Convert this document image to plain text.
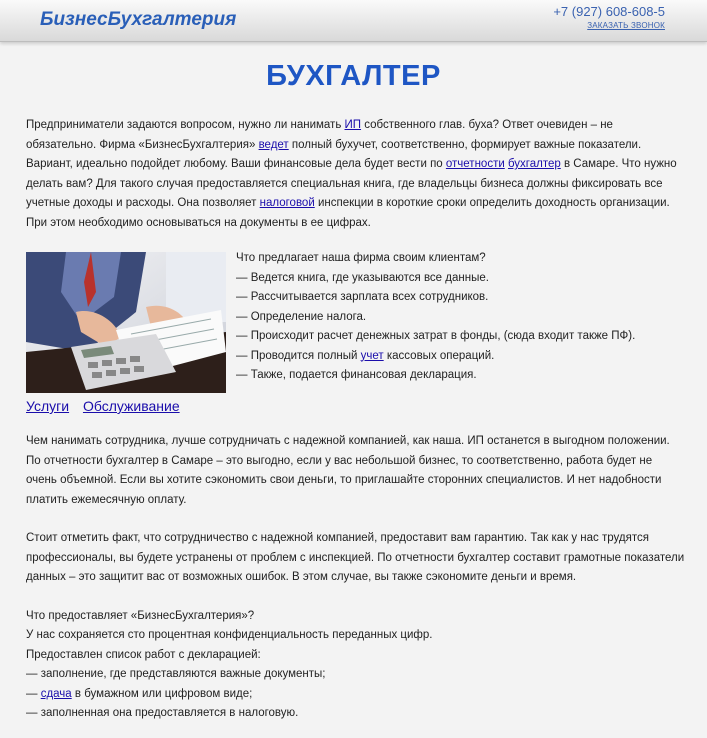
БизнесБухгалтерия	+7 (927) 608-608-5
ЗАКАЗАТЬ ЗВОНОК
БУХГАЛТЕР

Предприниматели задаются вопросом, нужно ли нанимать ИП собственного глав. буха? Ответ очевиден – не обязательно. Фирма «БизнесБухгалтерия» ведет полный бухучет, соответственно, формирует важные показатели. Вариант, идеально подойдет любому. Ваши финансовые дела будет вести по отчетности бухгалтер в Самаре. Что нужно делать вам? Для такого случая предоставляется специальная книга, где владельцы бизнеса должны фиксировать все учетные доходы и расходы. Она позволяет налоговой инспекции в короткие сроки определить доходность организации. При этом необходимо основываться на документы в ее цифрах.

Что предлагает наша фирма своим клиентам?
— Ведется книга, где указываются все данные.
— Рассчитывается зарплата всех сотрудников.
— Определение налога.
— Происходит расчет денежных затрат в фонды, (сюда входит также ПФ).
— Проводится полный учет кассовых операций.
— Также, подается финансовая декларация.
Услуги Обслуживание

Чем нанимать сотрудника, лучше сотрудничать с надежной компанией, как наша. ИП останется в выгодном положении. По отчетности бухгалтер в Самаре – это выгодно, если у вас небольшой бизнес, то соответственно, работа будет не очень объемной. Если вы хотите сэкономить свои деньги, то приглашайте сторонних специалистов. И нет надобности платить ежемесячную оплату.

Стоит отметить факт, что сотрудничество с надежной компанией, предоставит вам гарантию. Так как у нас трудятся профессионалы, вы будете устранены от проблем с инспекцией. По отчетности бухгалтер составит грамотные показатели данных – это защитит вас от возможных ошибок. В этом случае, вы также сэкономите деньги и время.

Что предоставляет «БизнесБухгалтерия»?
У нас сохраняется сто процентная конфиденциальность переданных цифр.
Предоставлен список работ с декларацией:
— заполнение, где представляются важные документы;
— сдача в бумажном или цифровом виде;
— заполненная она предоставляется в налоговую.
